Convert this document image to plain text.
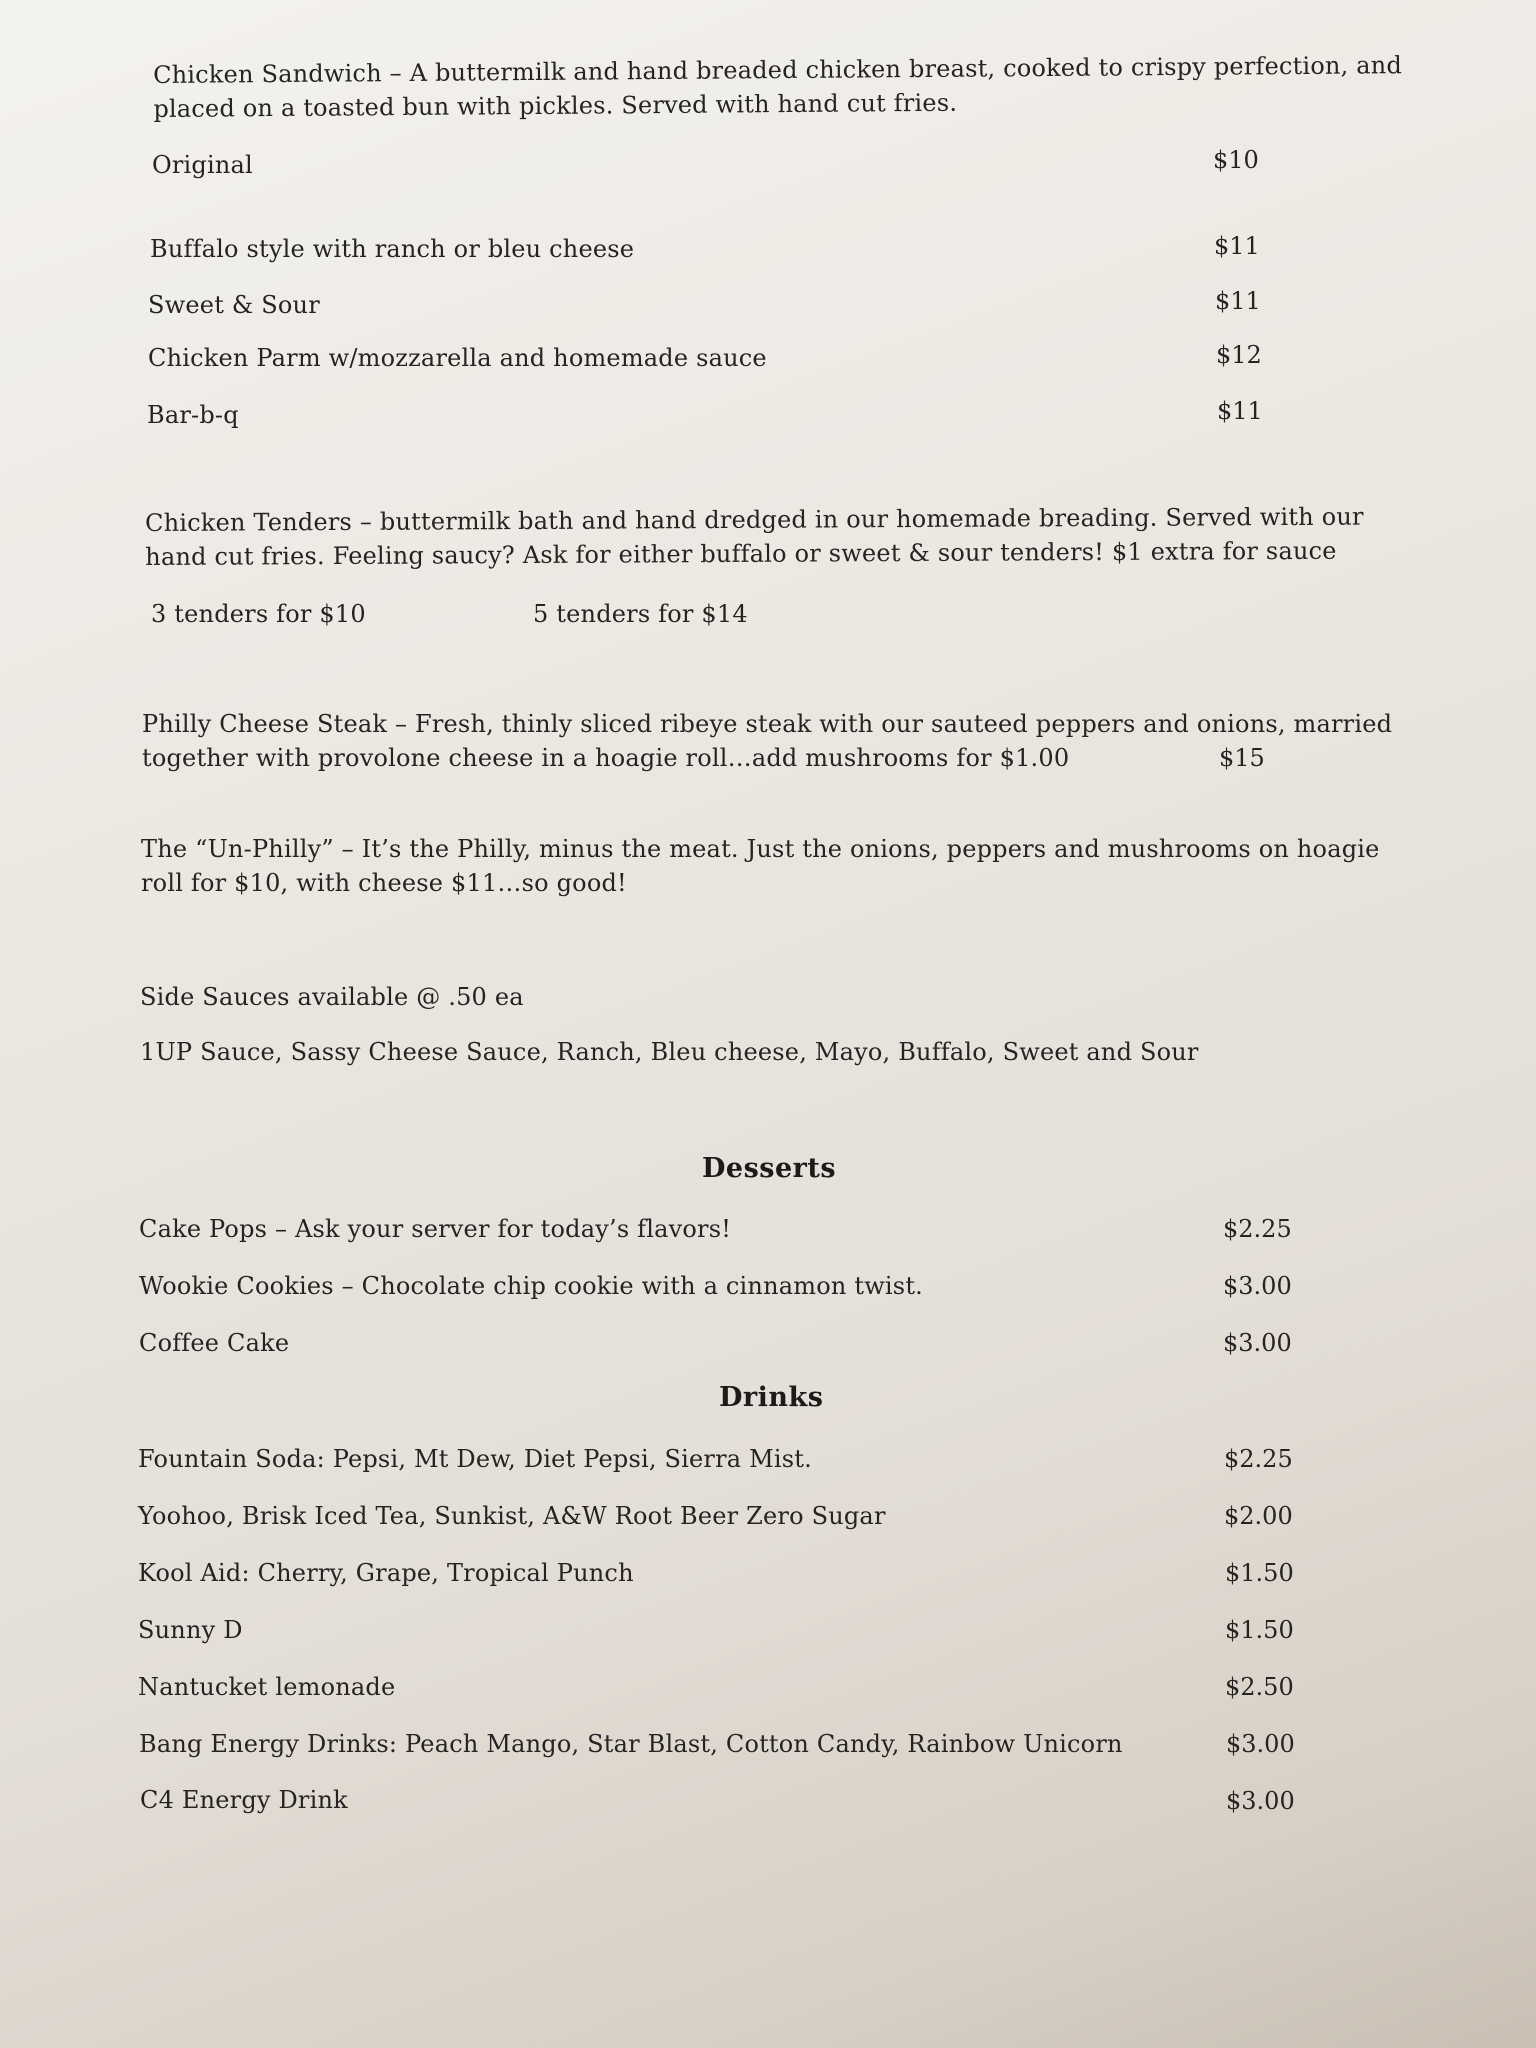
Chicken Sandwich – A buttermilk and hand breaded chicken breast, cooked to crispy perfection, and placed on a toasted bun with pickles. Served with hand cut fries.
Original	$10
Buffalo style with ranch or bleu cheese	$11
Sweet & Sour	$11
Chicken Parm w/mozzarella and homemade sauce	$12
Bar-b-q	$11
Chicken Tenders – buttermilk bath and hand dredged in our homemade breading. Served with our hand cut fries. Feeling saucy? Ask for either buffalo or sweet & sour tenders! $1 extra for sauce
3 tenders for $10	5 tenders for $14
Philly Cheese Steak – Fresh, thinly sliced ribeye steak with our sauteed peppers and onions, married together with provolone cheese in a hoagie roll…add mushrooms for $1.00	$15
The “Un-Philly” – It’s the Philly, minus the meat. Just the onions, peppers and mushrooms on hoagie roll for $10, with cheese $11…so good!
Side Sauces available @ .50 ea
1UP Sauce, Sassy Cheese Sauce, Ranch, Bleu cheese, Mayo, Buffalo, Sweet and Sour
Desserts
Cake Pops – Ask your server for today’s flavors!	$2.25
Wookie Cookies – Chocolate chip cookie with a cinnamon twist.	$3.00
Coffee Cake	$3.00
Drinks
Fountain Soda: Pepsi, Mt Dew, Diet Pepsi, Sierra Mist.	$2.25
Yoohoo, Brisk Iced Tea, Sunkist, A&W Root Beer Zero Sugar	$2.00
Kool Aid: Cherry, Grape, Tropical Punch	$1.50
Sunny D	$1.50
Nantucket lemonade	$2.50
Bang Energy Drinks: Peach Mango, Star Blast, Cotton Candy, Rainbow Unicorn	$3.00
C4 Energy Drink	$3.00
